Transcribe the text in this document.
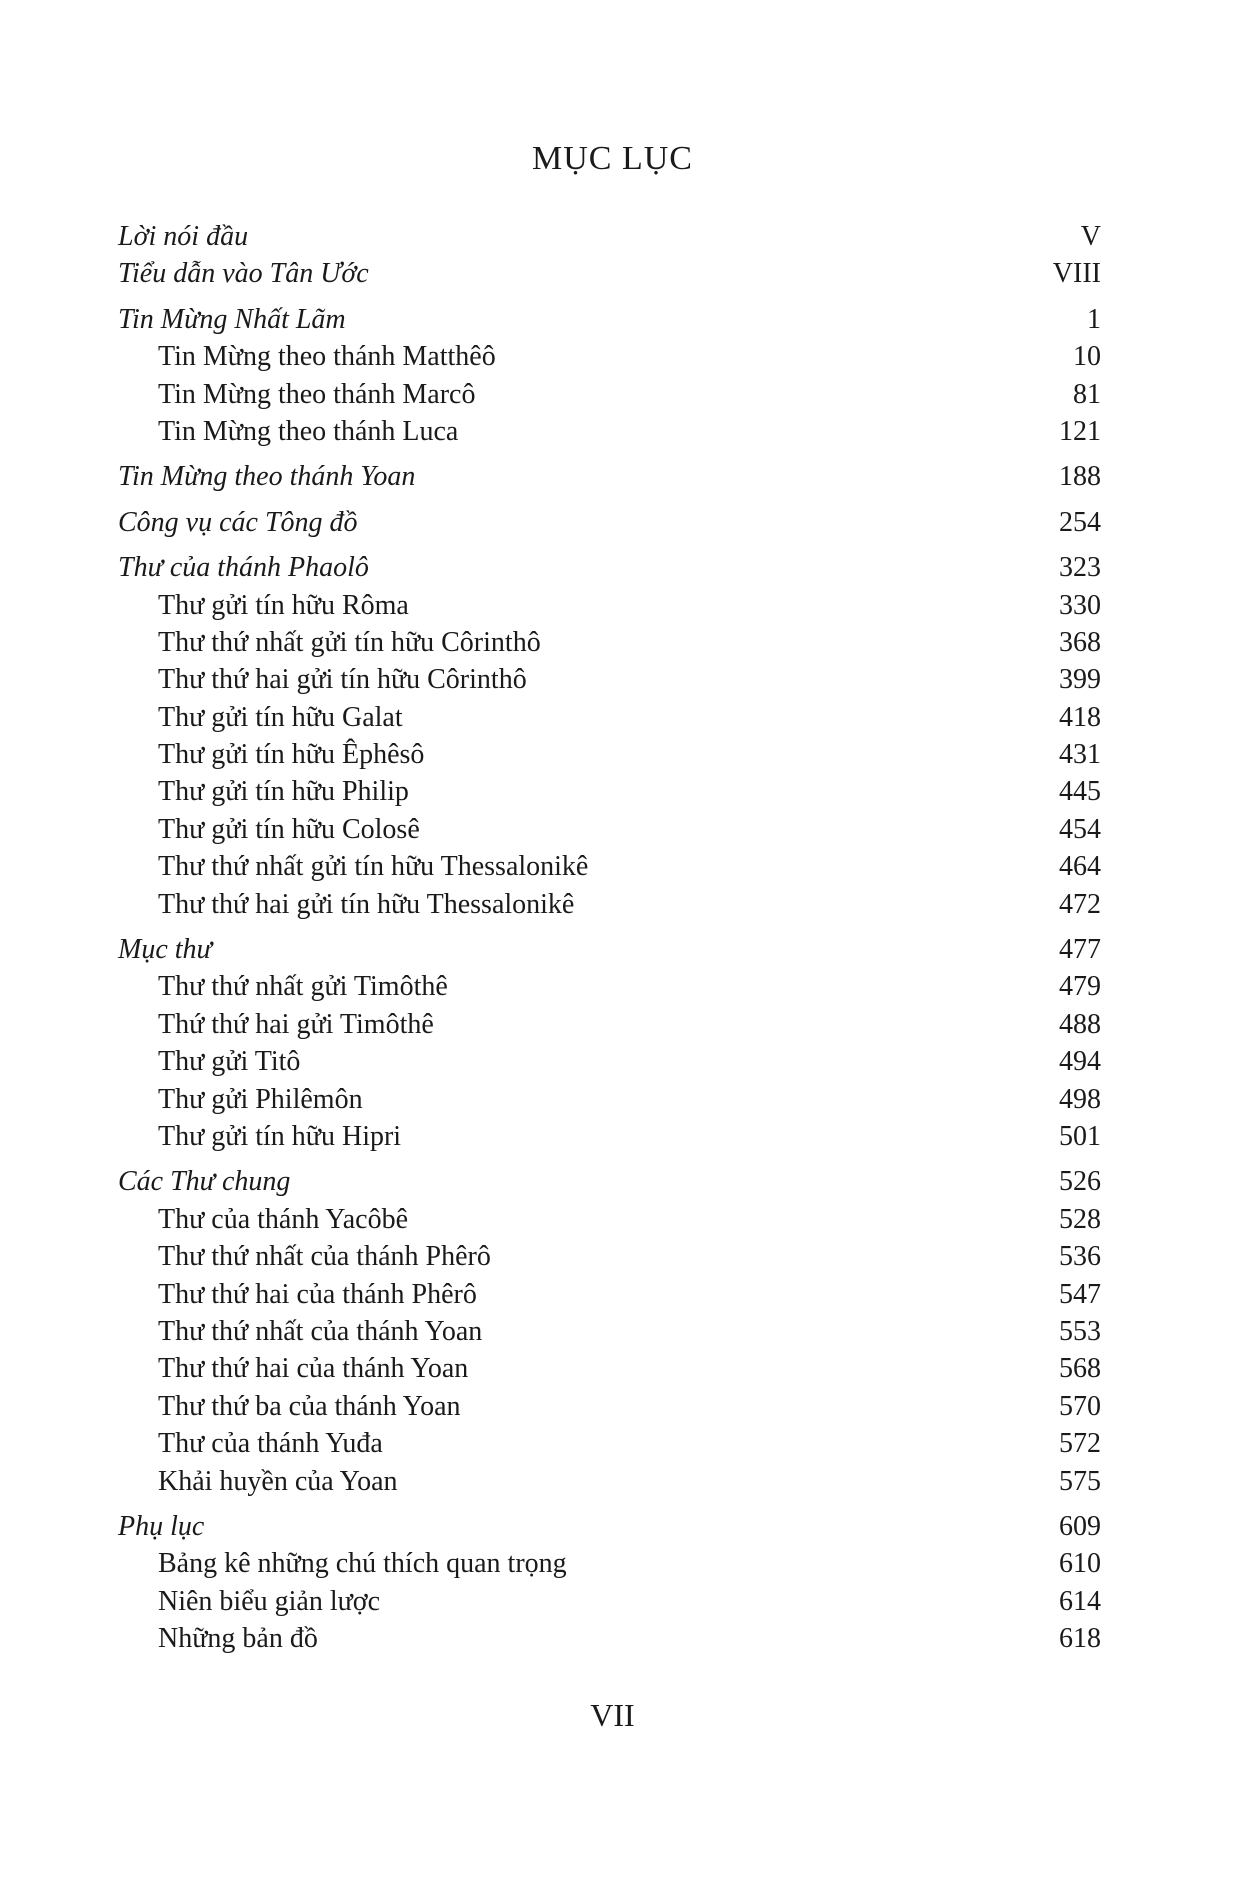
MỤC LỤC
Lời nói đầu	V
Tiểu dẫn vào Tân Ước	VIII
Tin Mừng Nhất Lãm	1
Tin Mừng theo thánh Matthêô	10
Tin Mừng theo thánh Marcô	81
Tin Mừng theo thánh Luca	121
Tin Mừng theo thánh Yoan	188
Công vụ các Tông đồ	254
Thư của thánh Phaolô	323
Thư gửi tín hữu Rôma	330
Thư thứ nhất gửi tín hữu Côrinthô	368
Thư thứ hai gửi tín hữu Côrinthô	399
Thư gửi tín hữu Galat	418
Thư gửi tín hữu Êphêsô	431
Thư gửi tín hữu Philip	445
Thư gửi tín hữu Colosê	454
Thư thứ nhất gửi tín hữu Thessalonikê	464
Thư thứ hai gửi tín hữu Thessalonikê	472
Mục thư	477
Thư thứ nhất gửi Timôthê	479
Thứ thứ hai gửi Timôthê	488
Thư gửi Titô	494
Thư gửi Philêmôn	498
Thư gửi tín hữu Hipri	501
Các Thư chung	526
Thư của thánh Yacôbê	528
Thư thứ nhất của thánh Phêrô	536
Thư thứ hai của thánh Phêrô	547
Thư thứ nhất của thánh Yoan	553
Thư thứ hai của thánh Yoan	568
Thư thứ ba của thánh Yoan	570
Thư của thánh Yuđa	572
Khải huyền của Yoan	575
Phụ lục	609
Bảng kê những chú thích quan trọng	610
Niên biểu giản lược	614
Những bản đồ	618
VII
